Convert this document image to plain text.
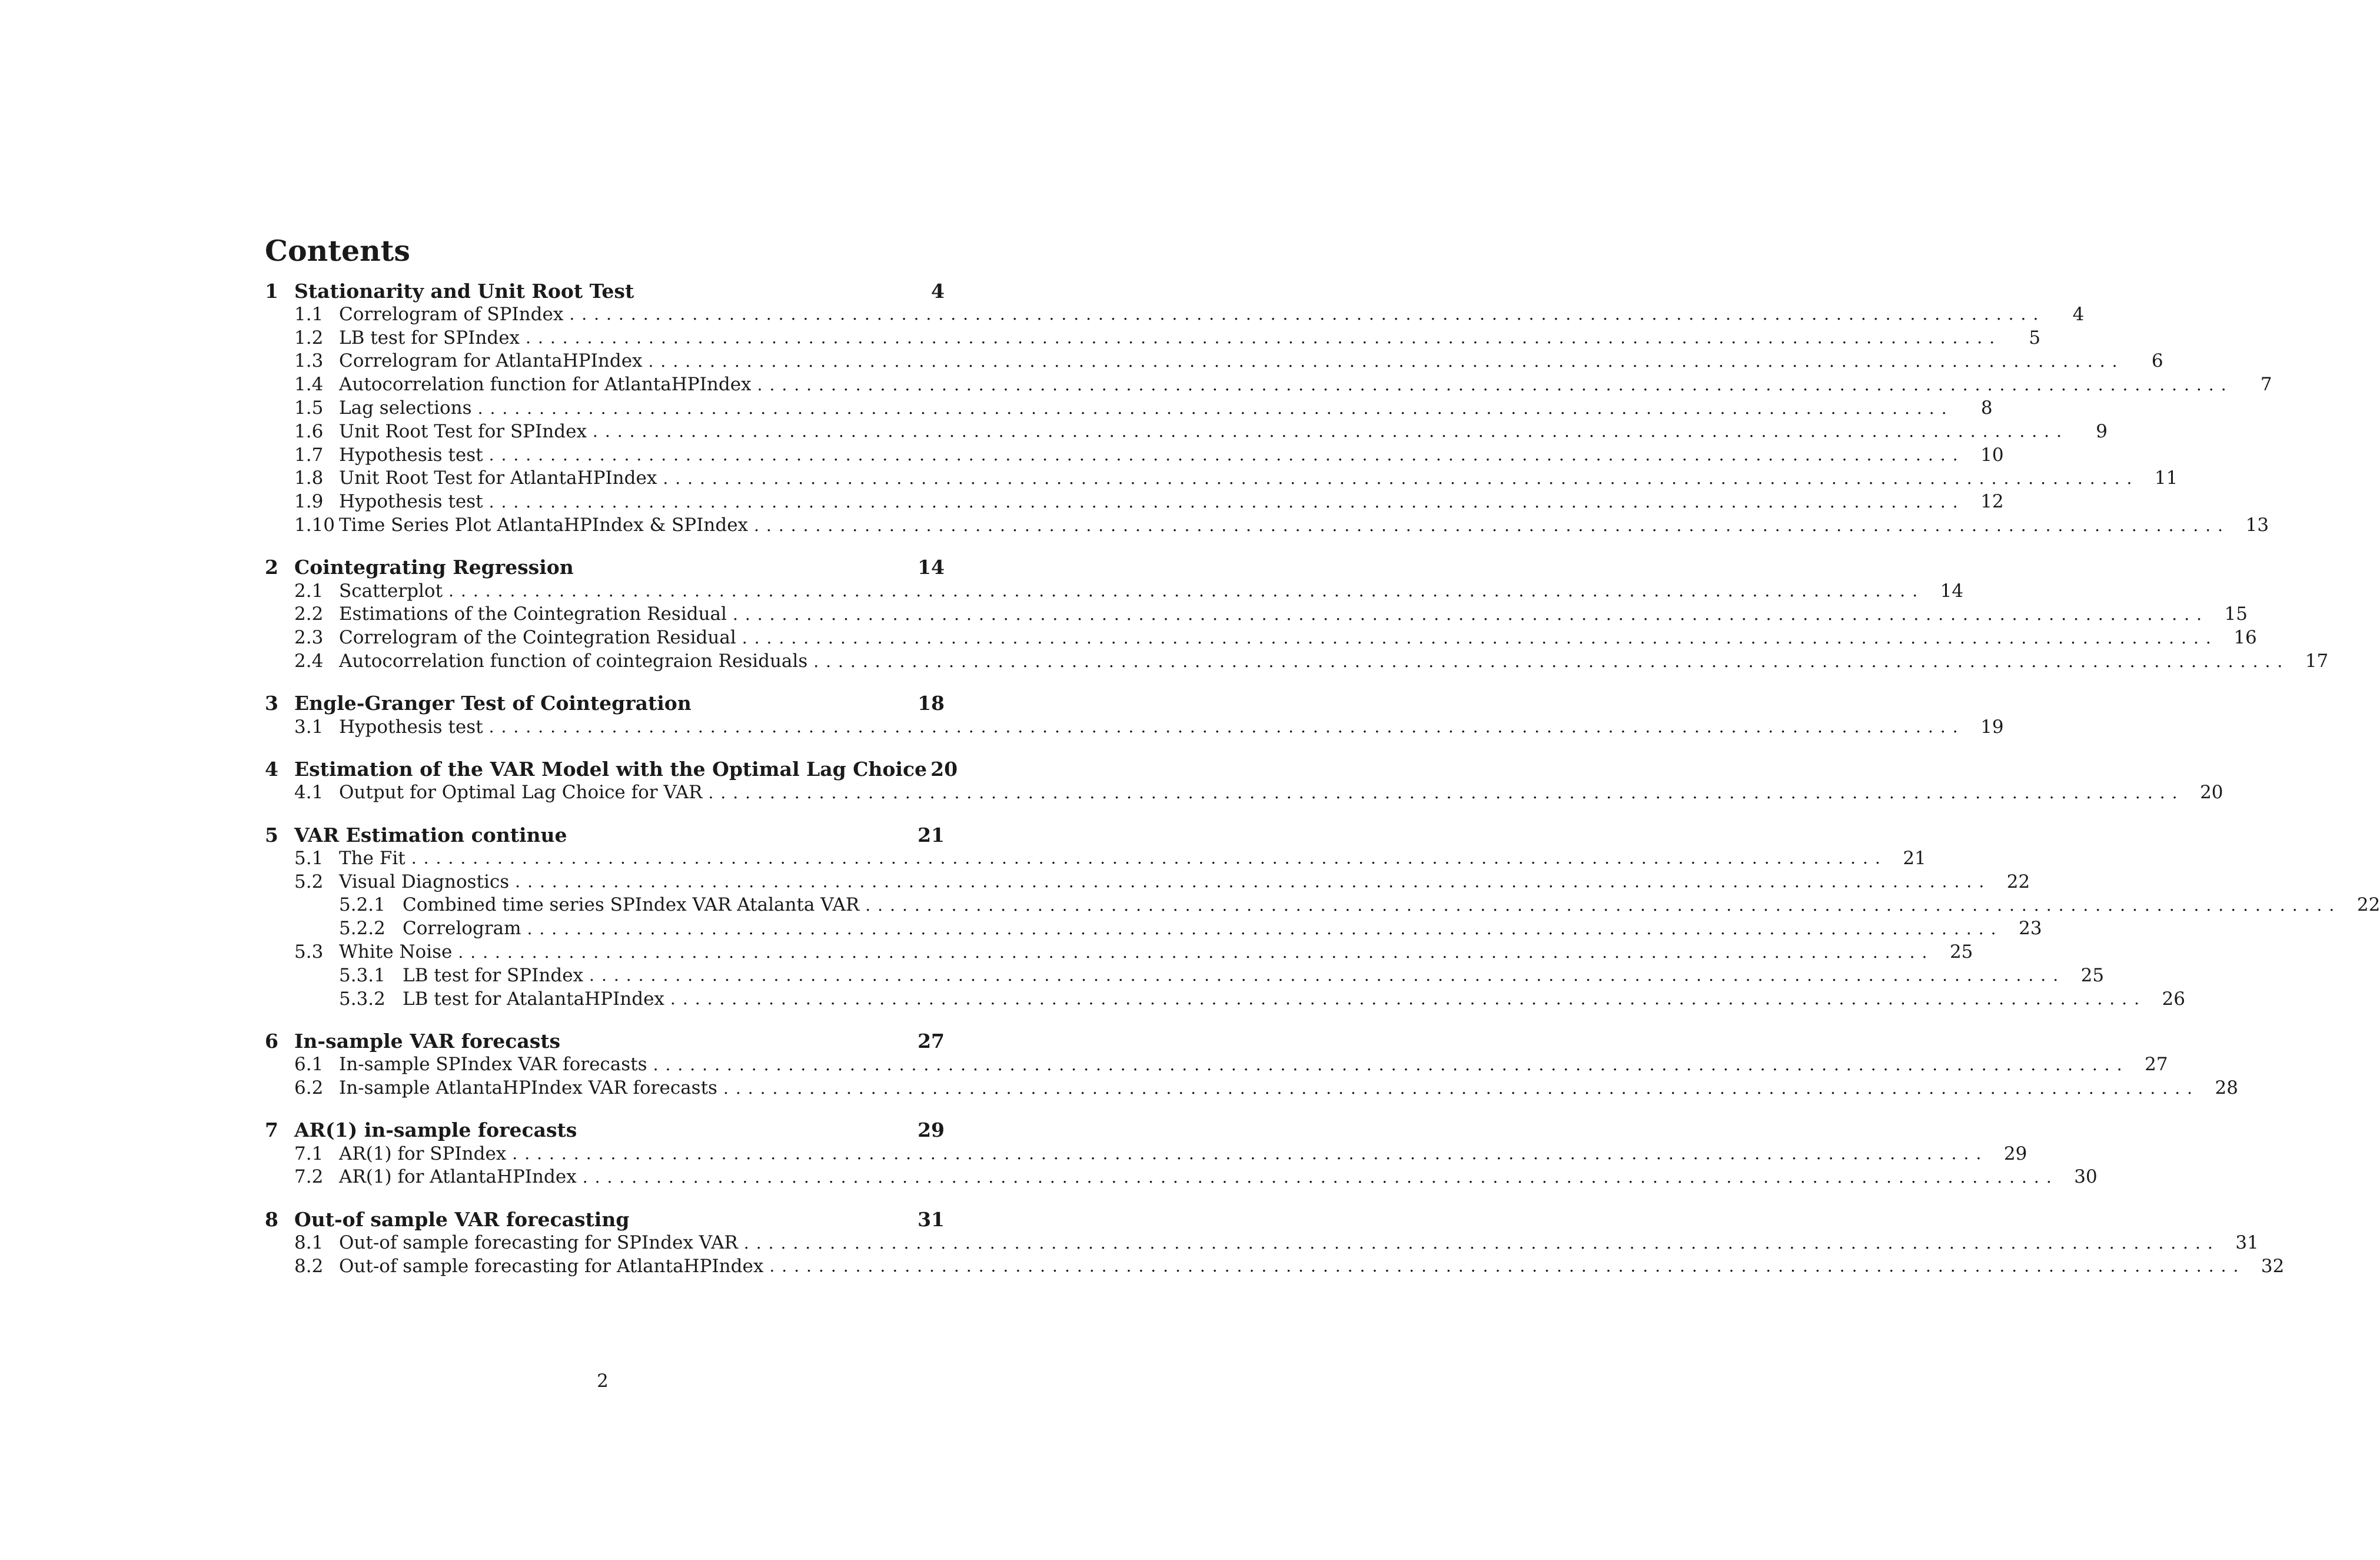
Contents
1 Stationarity and Unit Root Test	4
1.1 Correlogram of SPIndex ........................................................................................................................	4
1.2 LB test for SPIndex ........................................................................................................................	5
1.3 Correlogram for AtlantaHPIndex ........................................................................................................................	6
1.4 Autocorrelation function for AtlantaHPIndex ........................................................................................................................	7
1.5 Lag selections ........................................................................................................................	8
1.6 Unit Root Test for SPIndex ........................................................................................................................	9
1.7 Hypothesis test ........................................................................................................................ 10
1.8 Unit Root Test for AtlantaHPIndex ........................................................................................................................ 11
1.9 Hypothesis test ........................................................................................................................ 12
1.10 Time Series Plot AtlantaHPIndex & SPIndex ........................................................................................................................ 13
2 Cointegrating Regression	14
2.1 Scatterplot ........................................................................................................................ 14
2.2 Estimations of the Cointegration Residual ........................................................................................................................ 15
2.3 Correlogram of the Cointegration Residual ........................................................................................................................ 16
2.4 Autocorrelation function of cointegraion Residuals ........................................................................................................................ 17
3 Engle-Granger Test of Cointegration	18
3.1 Hypothesis test ........................................................................................................................ 19
4 Estimation of the VAR Model with the Optimal Lag Choice 20
4.1 Output for Optimal Lag Choice for VAR ........................................................................................................................ 20
5 VAR Estimation continue	21
5.1 The Fit ........................................................................................................................ 21
5.2 Visual Diagnostics ........................................................................................................................ 22
5.2.1 Combined time series SPIndex VAR Atalanta VAR ........................................................................................................................ 22
5.2.2 Correlogram ........................................................................................................................ 23
5.3 White Noise ........................................................................................................................ 25
5.3.1 LB test for SPIndex ........................................................................................................................ 25
5.3.2 LB test for AtalantaHPIndex ........................................................................................................................ 26
6 In-sample VAR forecasts	27
6.1 In-sample SPIndex VAR forecasts ........................................................................................................................ 27
6.2 In-sample AtlantaHPIndex VAR forecasts ........................................................................................................................ 28
7 AR(1) in-sample forecasts	29
7.1 AR(1) for SPIndex ........................................................................................................................ 29
7.2 AR(1) for AtlantaHPIndex ........................................................................................................................ 30
8 Out-of sample VAR forecasting	31
8.1 Out-of sample forecasting for SPIndex VAR ........................................................................................................................ 31
8.2 Out-of sample forecasting for AtlantaHPIndex ........................................................................................................................ 32
2
